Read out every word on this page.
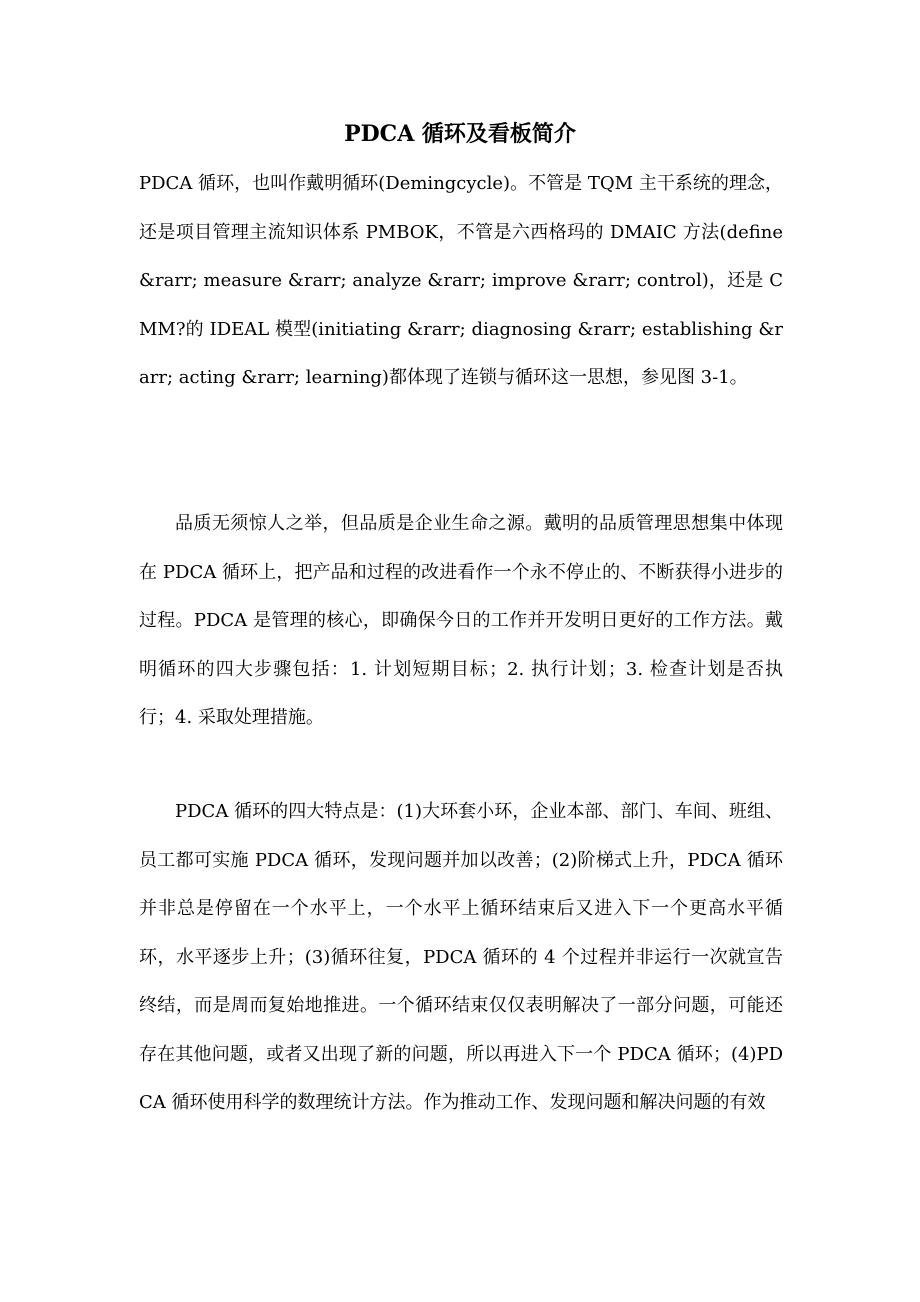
PDCA 循环及看板简介

PDCA 循环，也叫作戴明循环(Demingcycle)。不管是 TQM 主干系统的理念，还是项目管理主流知识体系 PMBOK，不管是六西格玛的 DMAIC 方法(define &rarr; measure &rarr; analyze &rarr; improve &rarr; control)，还是 CMM?的 IDEAL 模型(initiating &rarr; diagnosing &rarr; establishing &rarr; acting &rarr; learning)都体现了连锁与循环这一思想，参见图 3-1。

品质无须惊人之举，但品质是企业生命之源。戴明的品质管理思想集中体现在 PDCA 循环上，把产品和过程的改进看作一个永不停止的、不断获得小进步的过程。PDCA 是管理的核心，即确保今日的工作并开发明日更好的工作方法。戴明循环的四大步骤包括：1. 计划短期目标；2. 执行计划；3. 检查计划是否执行；4. 采取处理措施。

PDCA 循环的四大特点是：(1)大环套小环，企业本部、部门、车间、班组、员工都可实施 PDCA 循环，发现问题并加以改善；(2)阶梯式上升，PDCA 循环并非总是停留在一个水平上，一个水平上循环结束后又进入下一个更高水平循环，水平逐步上升；(3)循环往复，PDCA 循环的 4 个过程并非运行一次就宣告终结，而是周而复始地推进。一个循环结束仅仅表明解决了一部分问题，可能还存在其他问题，或者又出现了新的问题，所以再进入下一个 PDCA 循环；(4)PDCA 循环使用科学的数理统计方法。作为推动工作、发现问题和解决问题的有效
